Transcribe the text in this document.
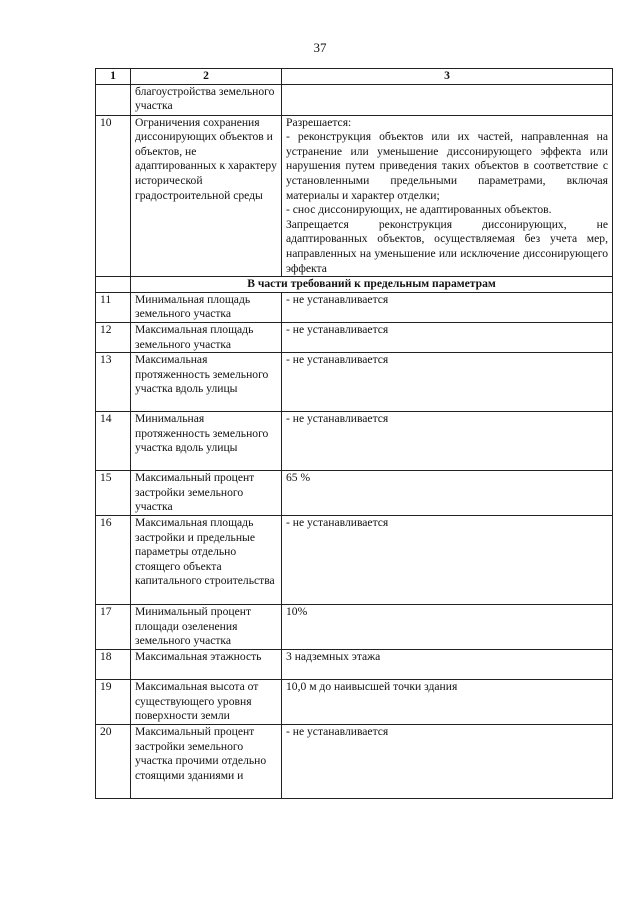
37
1	2	3
	благоустройства земельного участка	
10	Ограничения сохранения диссонирующих объектов и объектов, не адаптированных к характеру исторической градостроительной среды	Разрешается:
- реконструкция объектов или их частей, направленная на устранение или уменьшение диссонирующего эффекта или нарушения путем приведения таких объектов в соответствие с установленными предельными параметрами, включая материалы и характер отделки;
- снос диссонирующих, не адаптированных объектов.
Запрещается реконструкция диссонирующих, не адаптированных объектов, осуществляемая без учета мер, направленных на уменьшение или исключение диссонирующего эффекта

	В части требований к предельным параметрам	
11	Минимальная площадь земельного участка	- не устанавливается
12	Максимальная площадь земельного участка	- не устанавливается
13	Максимальная протяженность земельного участка вдоль улицы	- не устанавливается
14	Минимальная протяженность земельного участка вдоль улицы	- не устанавливается
15	Максимальный процент застройки земельного участка	65 %
16	Максимальная площадь застройки и предельные параметры отдельно стоящего объекта капитального строительства	- не устанавливается
17	Минимальный процент площади озеленения земельного участка	10%
18	Максимальная этажность	3 надземных этажа
19	Максимальная высота от существующего уровня поверхности земли	10,0 м до наивысшей точки здания
20	Максимальный процент застройки земельного участка прочими отдельно стоящими зданиями и	- не устанавливается
